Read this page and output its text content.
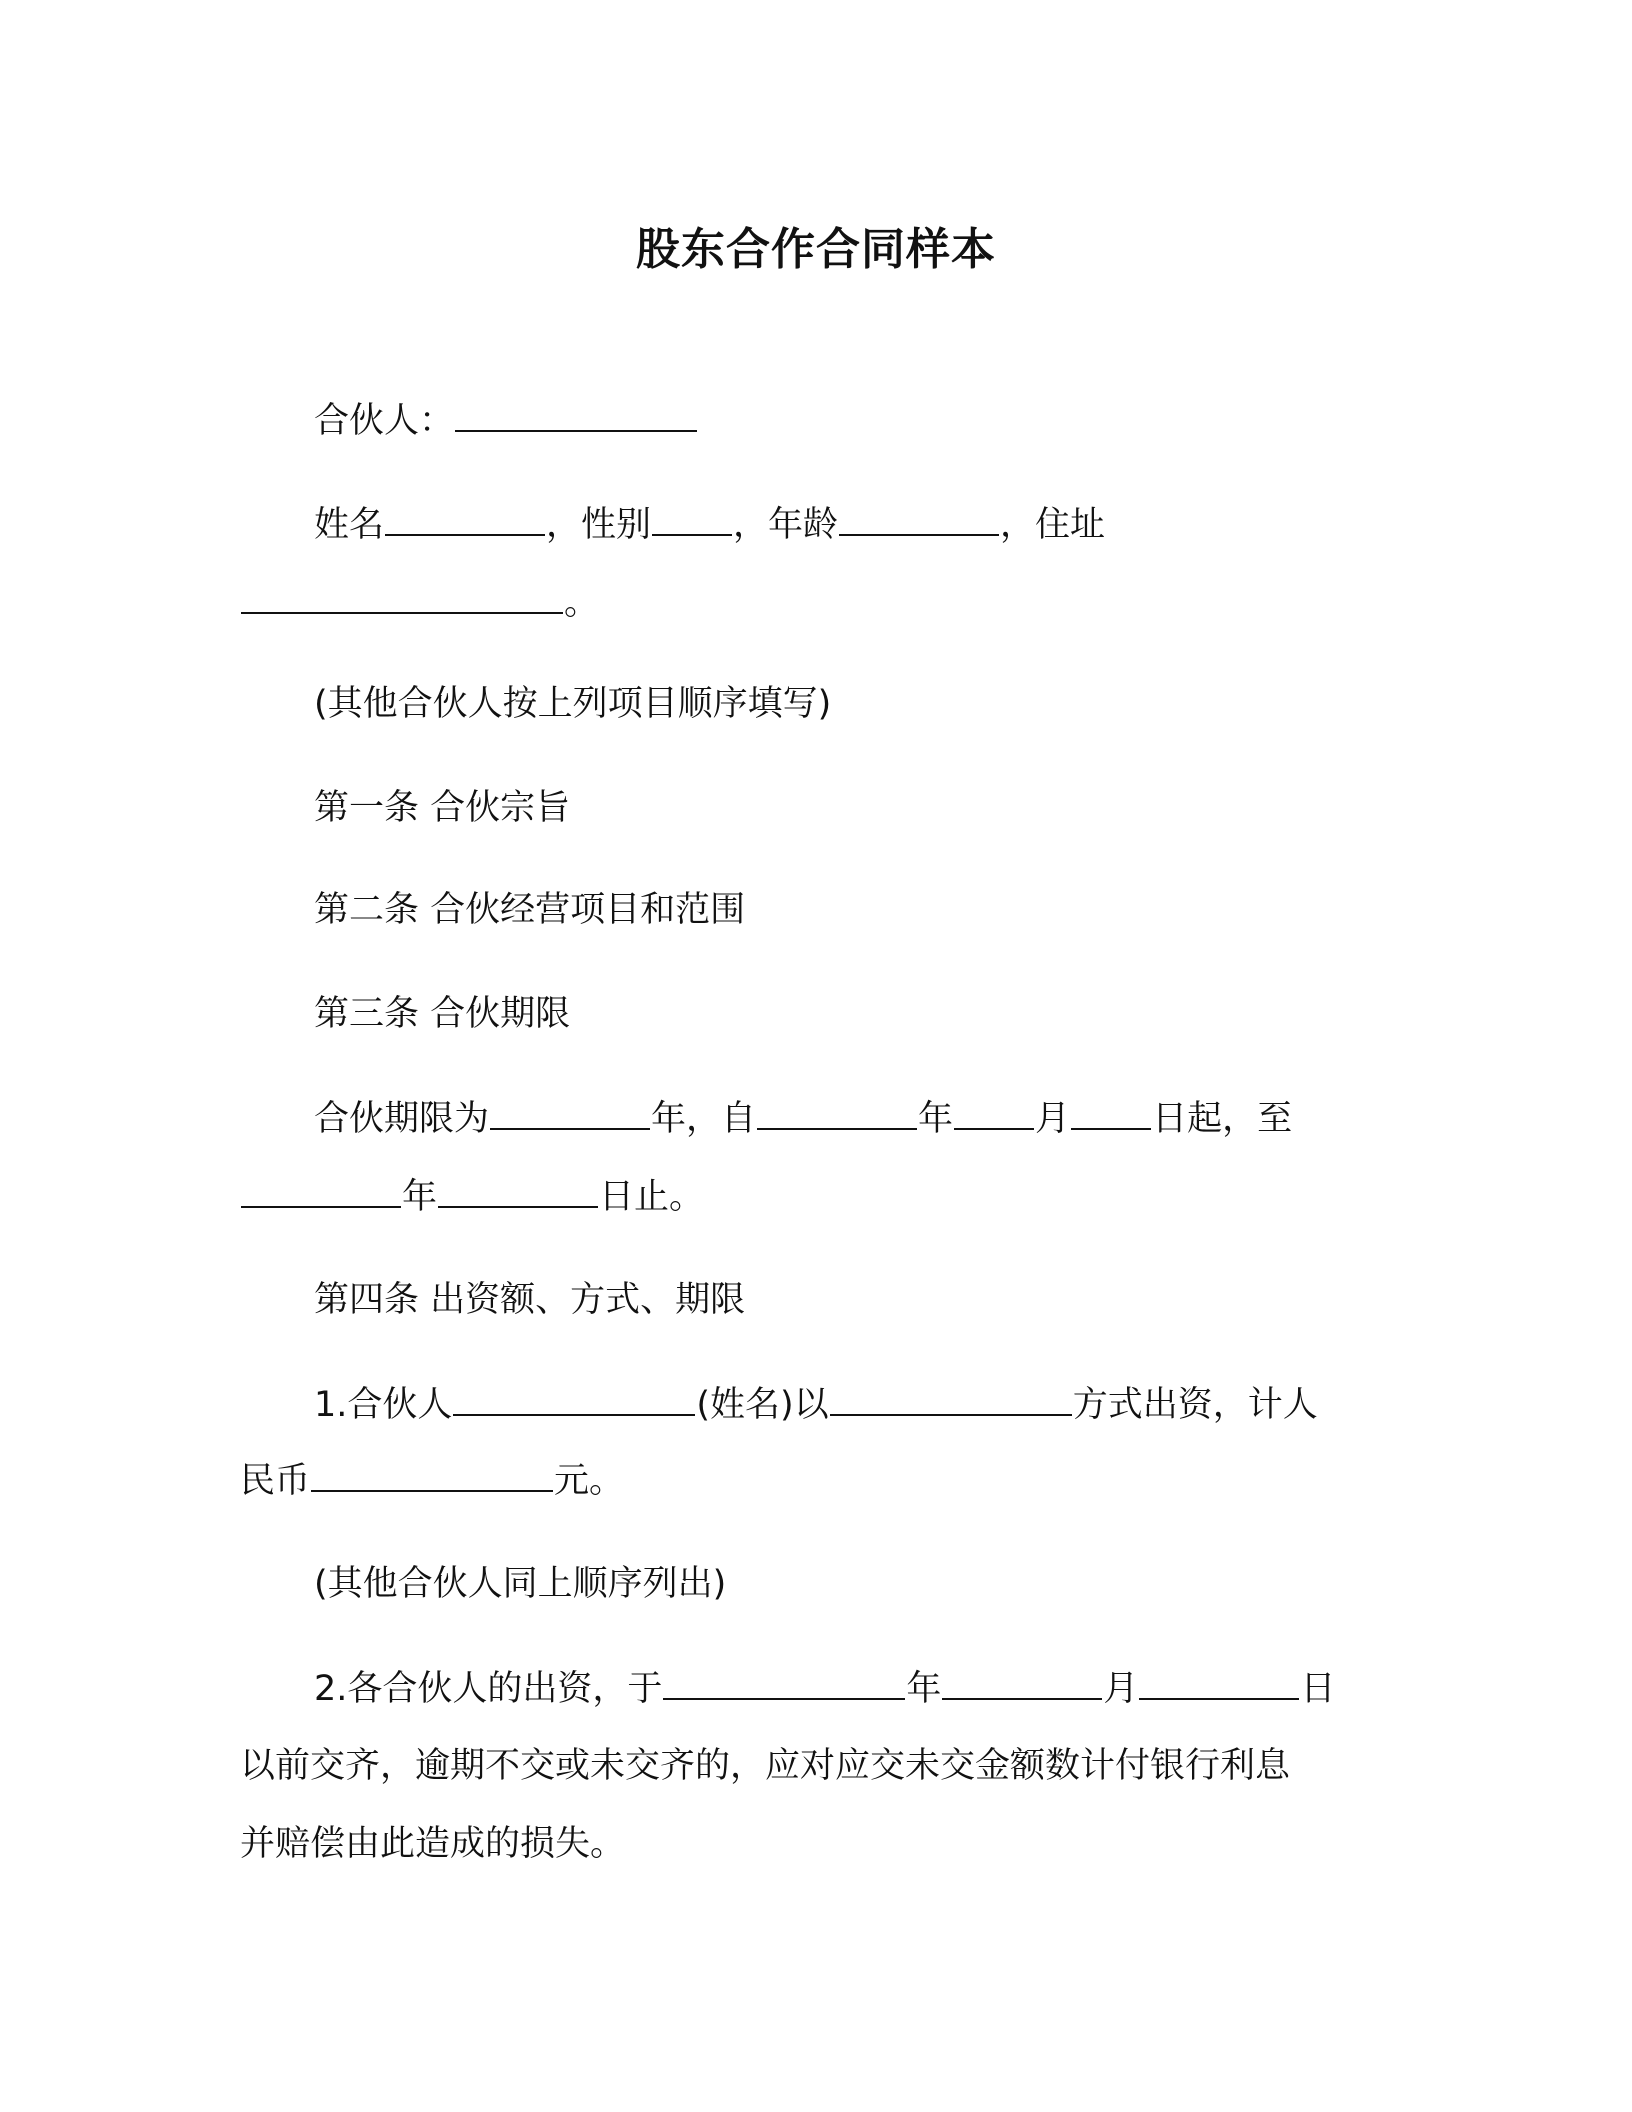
股东合作合同样本
合伙人：
姓名	，性别 ，年龄	，住址
。
(其他合伙人按上列项目顺序填写)
第一条 合伙宗旨
第二条 合伙经营项目和范围
第三条 合伙期限
合伙期限为	年，自	年 月 日起，至
年	日止。
第四条 出资额、方式、期限
1.合伙人	(姓名)以	方式出资，计人
民币	元。
(其他合伙人同上顺序列出)
2.各合伙人的出资，于	年	月	日
以前交齐，逾期不交或未交齐的，应对应交未交金额数计付银行利息
并赔偿由此造成的损失。
